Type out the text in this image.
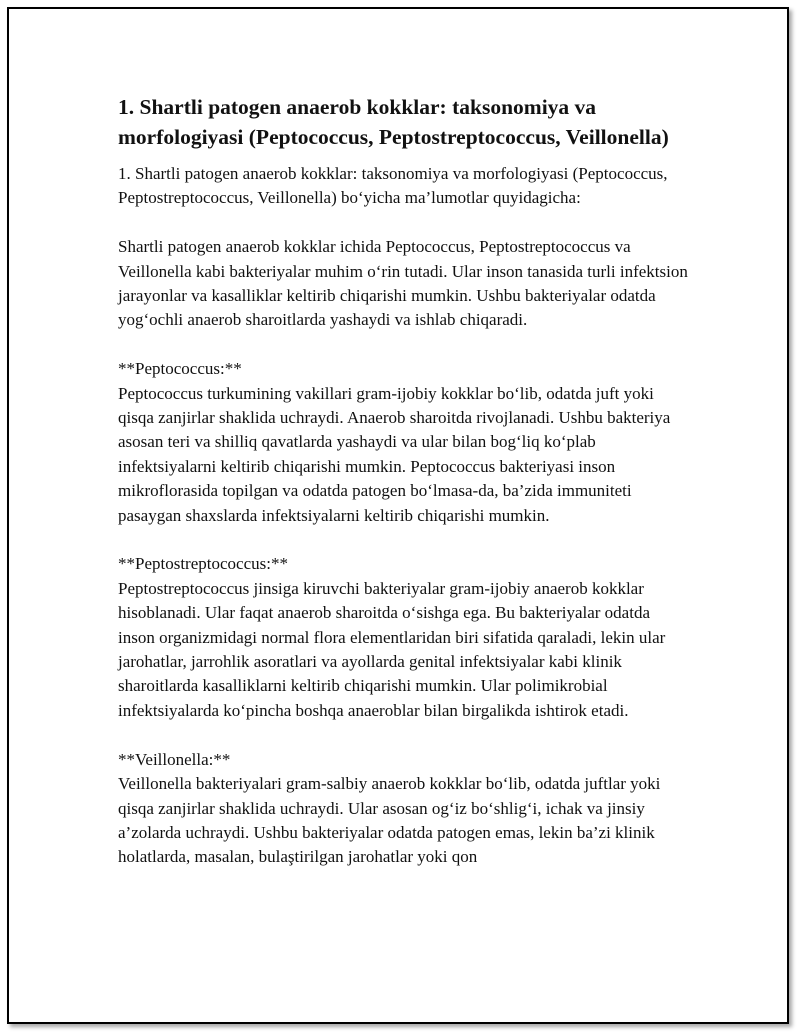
1. Shartli patogen anaerob kokklar: taksonomiya va morfologiyasi (Peptococcus, Peptostreptococcus, Veillonella)

1. Shartli patogen anaerob kokklar: taksonomiya va morfologiyasi (Peptococcus, Peptostreptococcus, Veillonella) bo‘yicha ma’lumotlar quyidagicha:

Shartli patogen anaerob kokklar ichida Peptococcus, Peptostreptococcus va Veillonella kabi bakteriyalar muhim o‘rin tutadi. Ular inson tanasida turli infektsion jarayonlar va kasalliklar keltirib chiqarishi mumkin. Ushbu bakteriyalar odatda yog‘ochli anaerob sharoitlarda yashaydi va ishlab chiqaradi.

**Peptococcus:**

Peptococcus turkumining vakillari gram-ijobiy kokklar bo‘lib, odatda juft yoki qisqa zanjirlar shaklida uchraydi. Anaerob sharoitda rivojlanadi. Ushbu bakteriya asosan teri va shilliq qavatlarda yashaydi va ular bilan bog‘liq ko‘plab infektsiyalarni keltirib chiqarishi mumkin. Peptococcus bakteriyasi inson mikroflorasida topilgan va odatda patogen bo‘lmasa-da, ba’zida immuniteti pasaygan shaxslarda infektsiyalarni keltirib chiqarishi mumkin.

**Peptostreptococcus:**

Peptostreptococcus jinsiga kiruvchi bakteriyalar gram-ijobiy anaerob kokklar hisoblanadi. Ular faqat anaerob sharoitda o‘sishga ega. Bu bakteriyalar odatda inson organizmidagi normal flora elementlaridan biri sifatida qaraladi, lekin ular jarohatlar, jarrohlik asoratlari va ayollarda genital infektsiyalar kabi klinik sharoitlarda kasalliklarni keltirib chiqarishi mumkin. Ular polimikrobial infektsiyalarda ko‘pincha boshqa anaeroblar bilan birgalikda ishtirok etadi.

**Veillonella:**

Veillonella bakteriyalari gram-salbiy anaerob kokklar bo‘lib, odatda juftlar yoki qisqa zanjirlar shaklida uchraydi. Ular asosan og‘iz bo‘shlig‘i, ichak va jinsiy a’zolarda uchraydi. Ushbu bakteriyalar odatda patogen emas, lekin ba’zi klinik holatlarda, masalan, bulaştirilgan jarohatlar yoki qon
